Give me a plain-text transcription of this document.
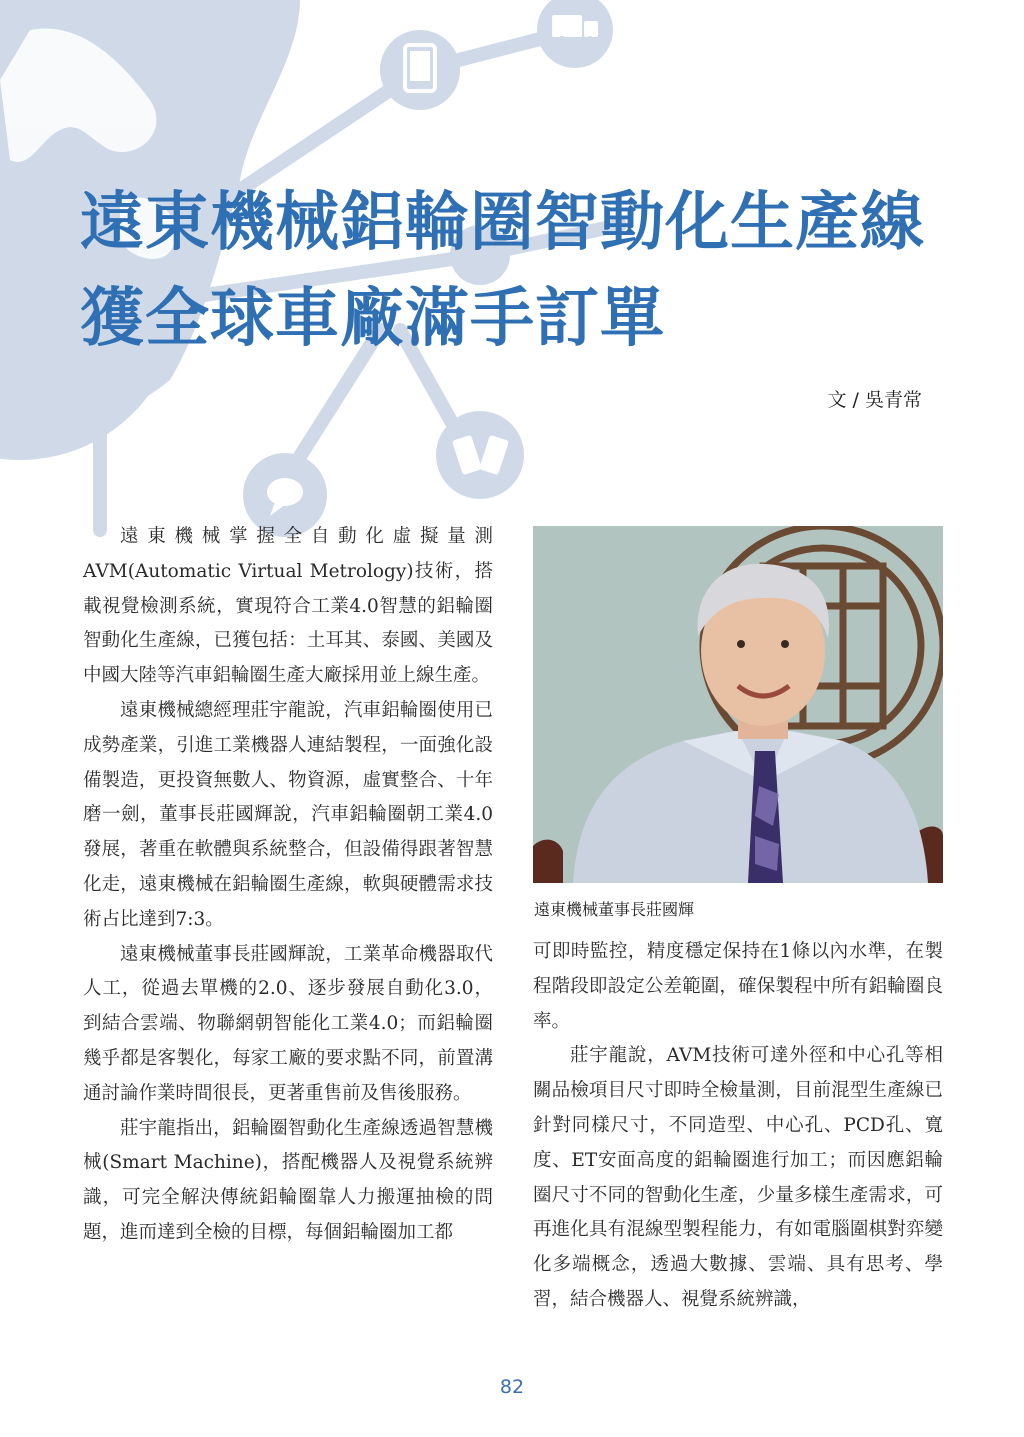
遠東機械鋁輪圈智動化生產線
獲全球車廠滿手訂單
文 / 吳青常

遠東機械掌握全自動化虛擬量測AVM(Automatic Virtual Metrology)技術，搭載視覺檢測系統，實現符合工業4.0智慧的鋁輪圈智動化生產線，已獲包括：土耳其、泰國、美國及中國大陸等汽車鋁輪圈生產大廠採用並上線生產。

遠東機械總經理莊宇龍說，汽車鋁輪圈使用已成勢產業，引進工業機器人連結製程，一面強化設備製造，更投資無數人、物資源，虛實整合、十年磨一劍，董事長莊國輝說，汽車鋁輪圈朝工業4.0發展，著重在軟體與系統整合，但設備得跟著智慧化走，遠東機械在鋁輪圈生產線，軟與硬體需求技術占比達到7:3。

遠東機械董事長莊國輝說，工業革命機器取代人工，從過去單機的2.0、逐步發展自動化3.0，到結合雲端、物聯網朝智能化工業4.0；而鋁輪圈幾乎都是客製化，每家工廠的要求點不同，前置溝通討論作業時間很長，更著重售前及售後服務。

莊宇龍指出，鋁輪圈智動化生產線透過智慧機械(Smart Machine)，搭配機器人及視覺系統辨識，可完全解決傳統鋁輪圈靠人力搬運抽檢的問題，進而達到全檢的目標，每個鋁輪圈加工都

遠東機械董事長莊國輝

可即時監控，精度穩定保持在1條以內水準，在製程階段即設定公差範圍，確保製程中所有鋁輪圈良率。

莊宇龍說，AVM技術可達外徑和中心孔等相關品檢項目尺寸即時全檢量測，目前混型生產線已針對同樣尺寸，不同造型、中心孔、PCD孔、寬度、ET安面高度的鋁輪圈進行加工；而因應鋁輪圈尺寸不同的智動化生產，少量多樣生產需求，可再進化具有混線型製程能力，有如電腦圍棋對弈變化多端概念，透過大數據、雲端、具有思考、學習，結合機器人、視覺系統辨識，

82
